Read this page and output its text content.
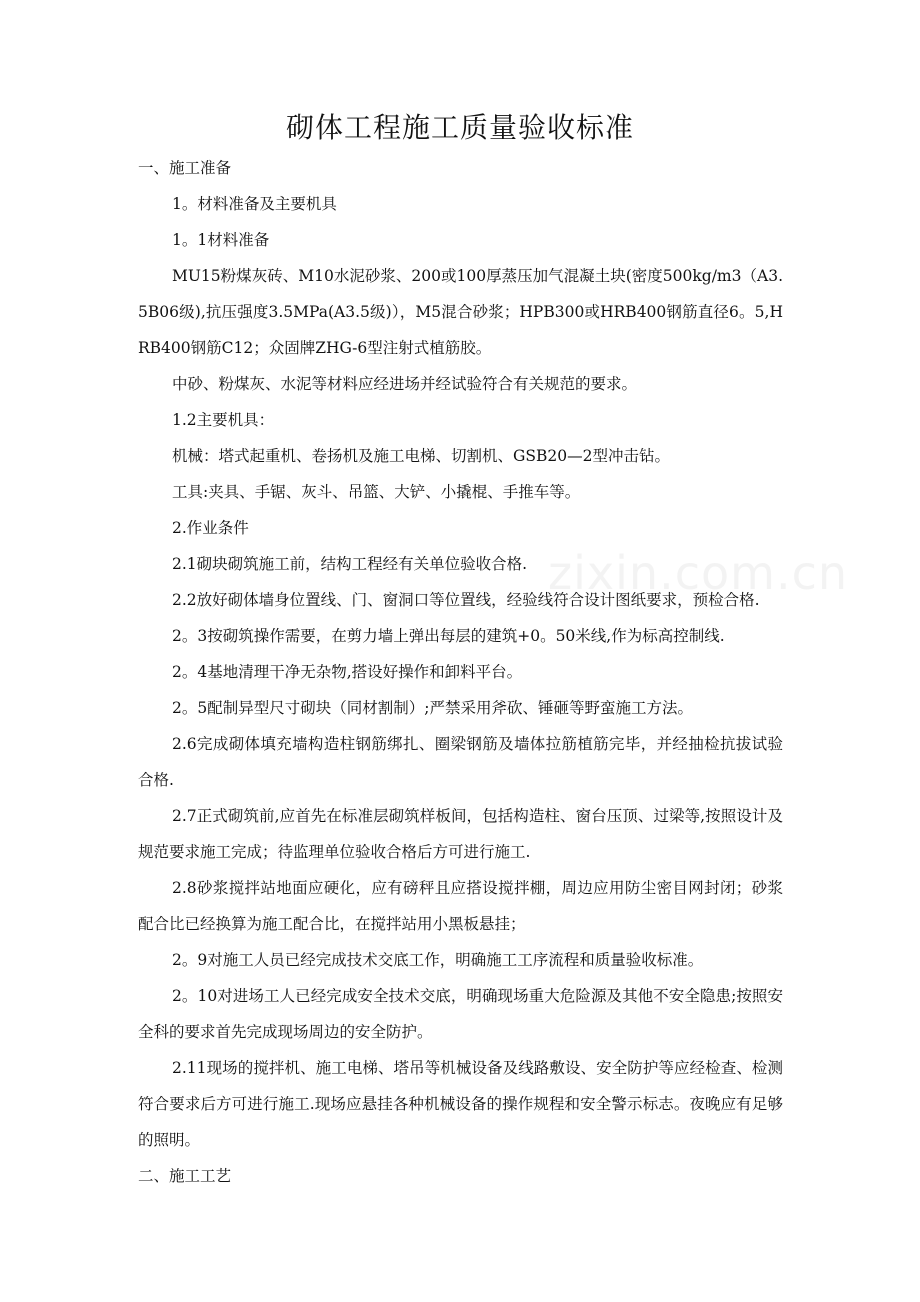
砌体工程施工质量验收标准

一、施工准备

1。材料准备及主要机具

1。1材料准备

MU15粉煤灰砖、M10水泥砂浆、200或100厚蒸压加气混凝土块(密度500kg/m3（A3.5B06级),抗压强度3.5MPa(A3.5级)），M5混合砂浆；HPB300或HRB400钢筋直径6。5,HRB400钢筋C12；众固牌ZHG-6型注射式植筋胶。

中砂、粉煤灰、水泥等材料应经进场并经试验符合有关规范的要求。

1.2主要机具：

机械：塔式起重机、卷扬机及施工电梯、切割机、GSB20—2型冲击钻。

工具:夹具、手锯、灰斗、吊篮、大铲、小撬棍、手推车等。

2.作业条件

2.1砌块砌筑施工前，结构工程经有关单位验收合格.

2.2放好砌体墙身位置线、门、窗洞口等位置线，经验线符合设计图纸要求，预检合格.

2。3按砌筑操作需要，在剪力墙上弹出每层的建筑+0。50米线,作为标高控制线.

2。4基地清理干净无杂物,搭设好操作和卸料平台。

2。5配制异型尺寸砌块（同材割制）;严禁采用斧砍、锤砸等野蛮施工方法。

2.6完成砌体填充墙构造柱钢筋绑扎、圈梁钢筋及墙体拉筋植筋完毕，并经抽检抗拔试验合格.

2.7正式砌筑前,应首先在标准层砌筑样板间，包括构造柱、窗台压顶、过梁等,按照设计及规范要求施工完成；待监理单位验收合格后方可进行施工.

2.8砂浆搅拌站地面应硬化，应有磅秤且应搭设搅拌棚，周边应用防尘密目网封闭；砂浆配合比已经换算为施工配合比，在搅拌站用小黑板悬挂；

2。9对施工人员已经完成技术交底工作，明确施工工序流程和质量验收标准。

2。10对进场工人已经完成安全技术交底，明确现场重大危险源及其他不安全隐患;按照安全科的要求首先完成现场周边的安全防护。

2.11现场的搅拌机、施工电梯、塔吊等机械设备及线路敷设、安全防护等应经检查、检测符合要求后方可进行施工.现场应悬挂各种机械设备的操作规程和安全警示标志。夜晚应有足够的照明。

二、施工工艺

zixin.com.cn
